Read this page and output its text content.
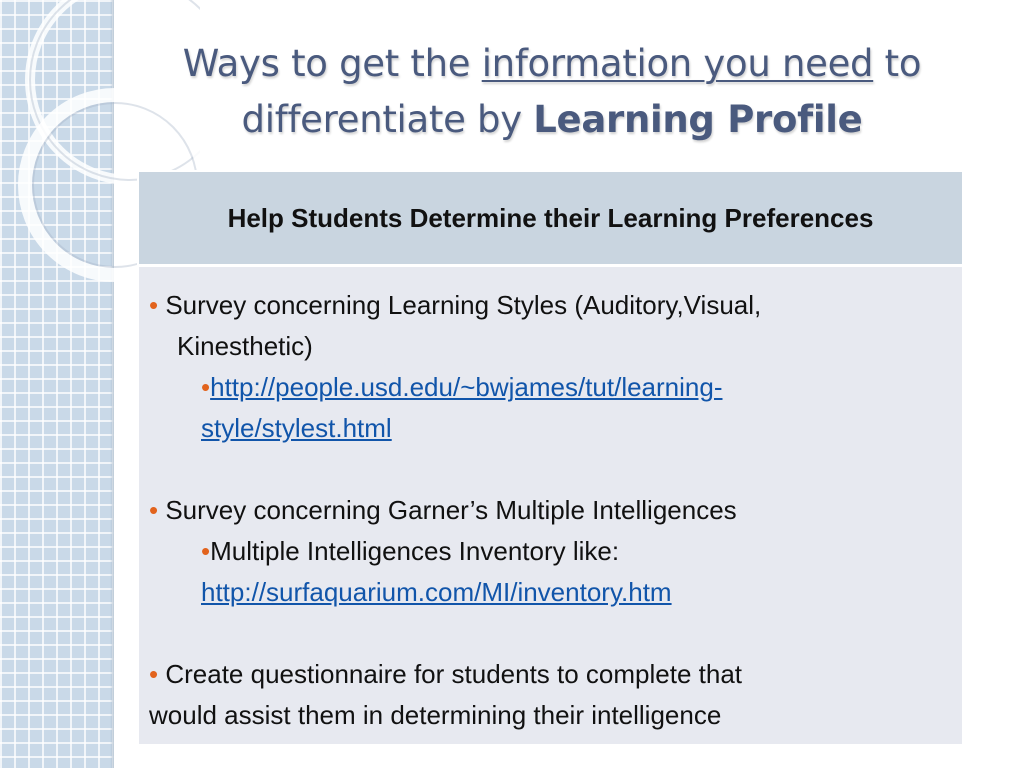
Ways to get the information you need to differentiate by Learning Profile
Help Students Determine their Learning Preferences
• Survey concerning Learning Styles (Auditory,Visual,
Kinesthetic)
•http://people.usd.edu/~bwjames/tut/learning-
style/stylest.html
• Survey concerning Garner’s Multiple Intelligences
•Multiple Intelligences Inventory like:
http://surfaquarium.com/MI/inventory.htm
• Create questionnaire for students to complete that
would assist them in determining their intelligence
